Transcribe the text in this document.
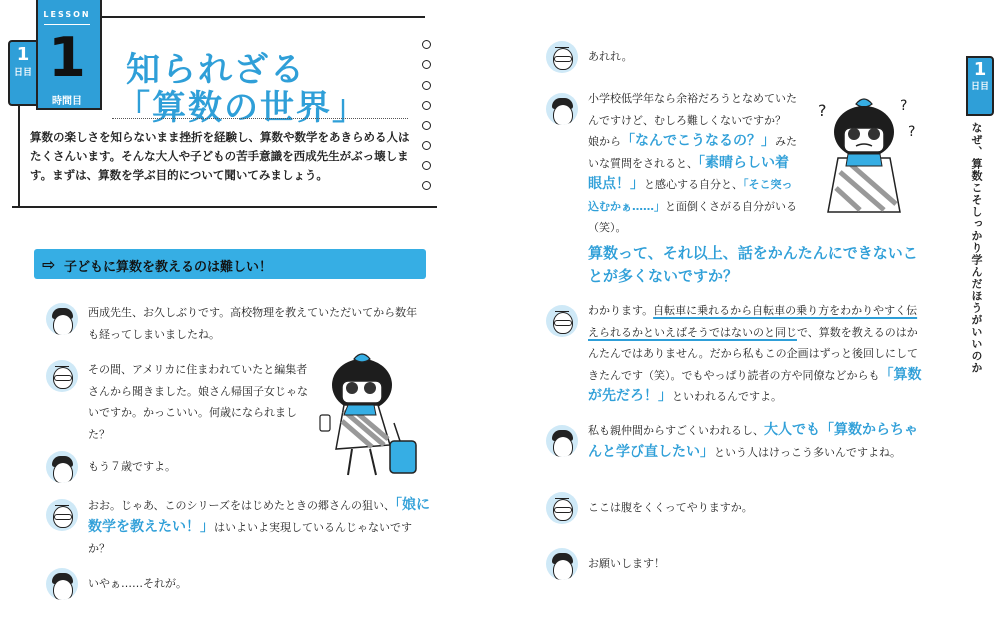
1
日目
LESSON
1
時間目
知られざる
「算数の世界」
算数の楽しさを知らないまま挫折を経験し、算数や数学をあきらめる人はたくさんいます。そんな大人や子どもの苦手意識を西成先生がぶっ壊します。まずは、算数を学ぶ目的について聞いてみましょう。
⇨ 子どもに算数を教えるのは難しい！
西成先生、お久しぶりです。高校物理を教えていただいてから数年も経ってしまいましたね。
その間、アメリカに住まわれていたと編集者さんから聞きました。娘さん帰国子女じゃないですか。かっこいい。何歳になられました？
もう７歳ですよ。
おお。じゃあ、このシリーズをはじめたときの郷さんの狙い、「娘に数学を教えたい！」はいよいよ実現しているんじゃないですか？
いやぁ……それが。
あれれ。
小学校低学年なら余裕だろうとなめていたんですけど、むしろ難しくないですか？　娘から「なんでこうなるの？」みたいな質問をされると、「素晴らしい着眼点！」と感心する自分と、「そこ突っ込むかぁ……」と面倒くさがる自分がいる（笑）。
?	?
?
算数って、それ以上、話をかんたんにできないことが多くないですか？
わかります。自転車に乗れるから自転車の乗り方をわかりやすく伝えられるかといえばそうではないのと同じで、算数を教えるのはかんたんではありません。だから私もこの企画はずっと後回しにしてきたんです（笑）。でもやっぱり読者の方や同僚などからも「算数が先だろ！」といわれるんですよ。
私も親仲間からすごくいわれるし、大人でも「算数からちゃんと学び直したい」という人はけっこう多いんですよね。
ここは腹をくくってやりますか。
お願いします！
1
日目
なぜ、算数こそしっかり学んだほうがいいのか
